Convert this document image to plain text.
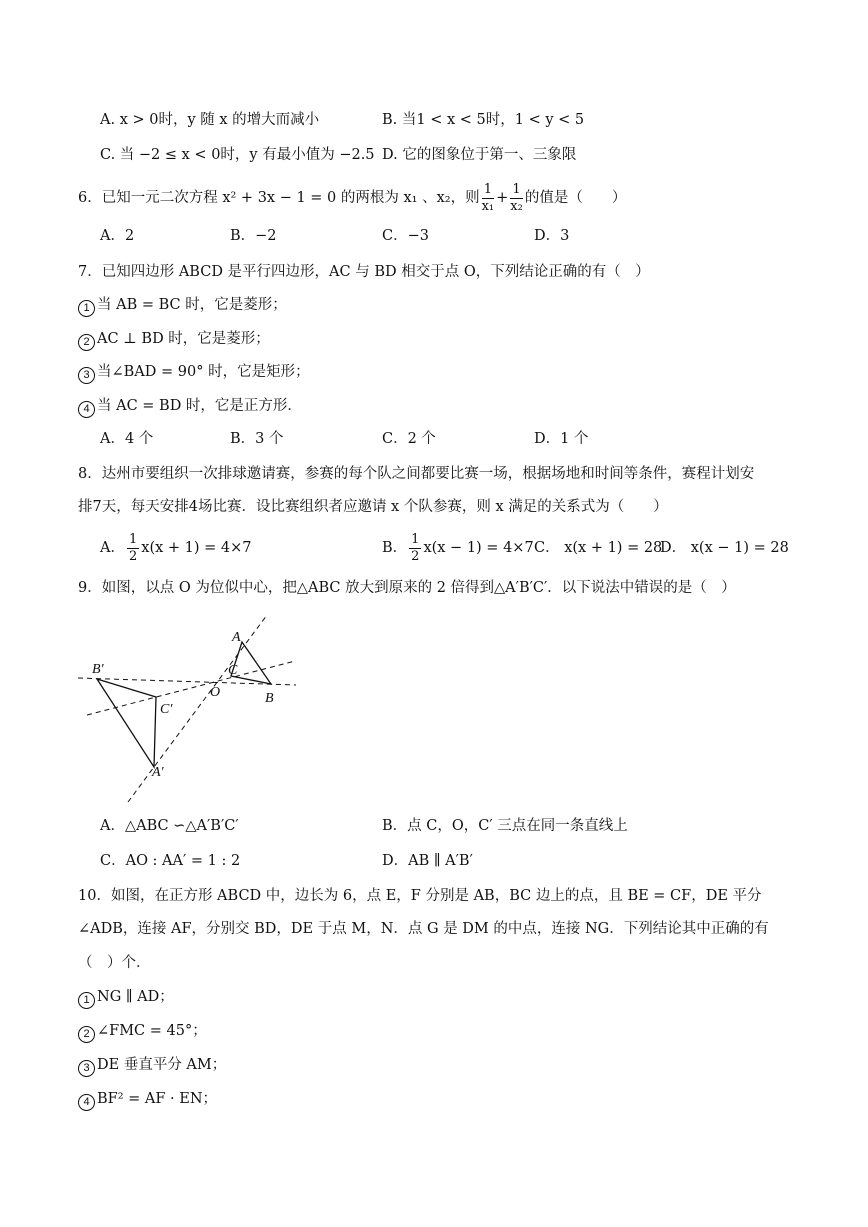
A. x > 0时，y 随 x 的增大而减小	B. 当1 < x < 5时，1 < y < 5
C. 当 −2 ≤ x < 0时，y 有最小值为 −2.5 D. 它的图象位于第一、三象限
6．已知一元二次方程 x² + 3x − 1 = 0 的两根为 x₁ 、x₂，则 $\frac{1}{\text{x₁}} + \frac{1}{\text{x₂}}$ 的值是（　　）
A．2	B．−2	C．−3	D．3
7．已知四边形 ABCD 是平行四边形，AC 与 BD 相交于点 O，下列结论正确的有（　）
1 当 AB = BC 时，它是菱形；
2 AC ⊥ BD 时，它是菱形；
3 当∠BAD = 90° 时，它是矩形；
4 当 AC = BD 时，它是正方形．
A．4 个	B．3 个	C．2 个	D．1 个
8．达州市要组织一次排球邀请赛，参赛的每个队之间都要比赛一场，根据场地和时间等条件，赛程计划安
排7天，每天安排4场比赛．设比赛组织者应邀请 x 个队参赛，则 x 满足的关系式为（　　）
A． $\frac{1}{2} x(x + 1) = 4\times 7$	B． $\frac{1}{2} x(x - 1) = 4\times 7$ C． x(x + 1) = 28
D． x(x − 1) = 28
9．如图，以点 O 为位似中心，把△ABC 放大到原来的 2 倍得到△A′B′C′．以下说法中错误的是（　）
A
B
C
O
B′
C′
A′
A．△ABC ∽△A′B′C′	B．点 C，O，C′ 三点在同一条直线上
C．AO : AA′ = 1 : 2	D．AB ∥ A′B′
10．如图，在正方形 ABCD 中，边长为 6，点 E，F 分别是 AB，BC 边上的点，且 BE = CF，DE 平分
∠ADB，连接 AF，分别交 BD，DE 于点 M，N．点 G 是 DM 的中点，连接 NG．下列结论其中正确的有
（　）个．
1 NG ∥ AD；
2 ∠FMC = 45°；
3 DE 垂直平分 AM；
4 BF² = AF · EN；
